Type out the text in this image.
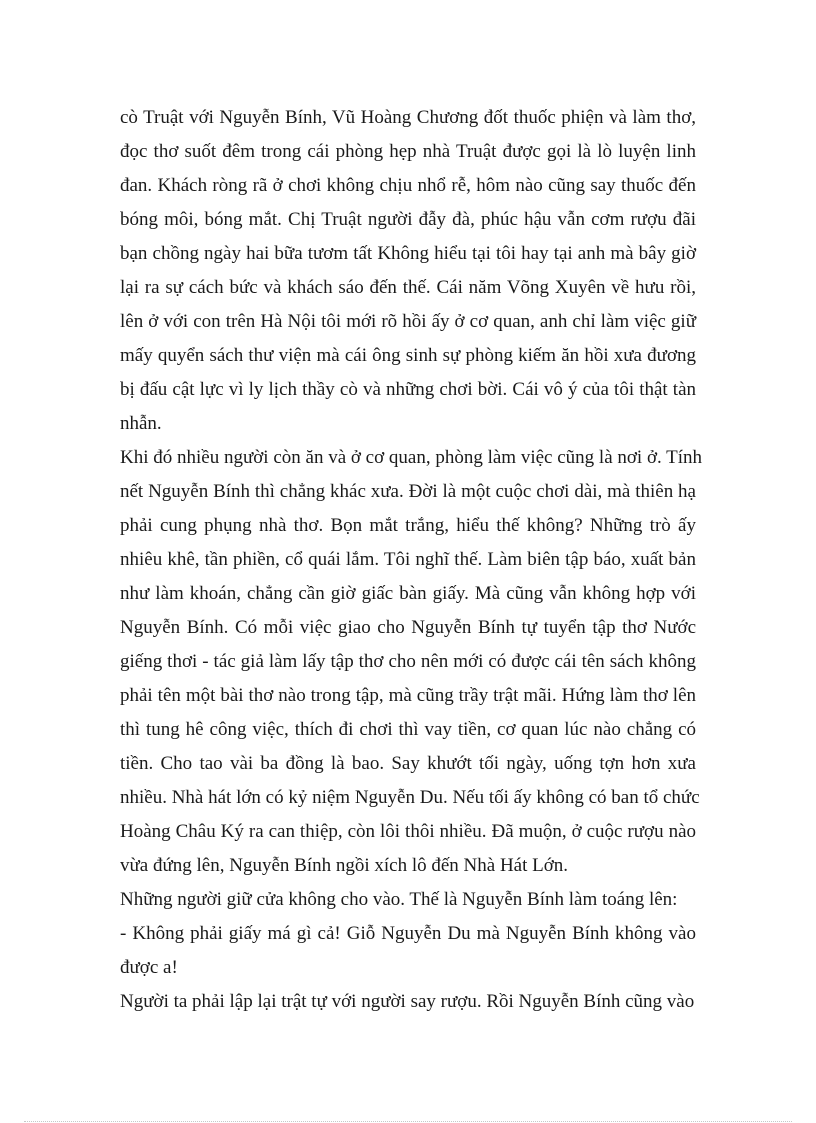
cò Truật với Nguyễn Bính, Vũ Hoàng Chương đốt thuốc phiện và làm thơ,
đọc thơ suốt đêm trong cái phòng hẹp nhà Truật được gọi là lò luyện linh
đan. Khách ròng rã ở chơi không chịu nhổ rễ, hôm nào cũng say thuốc đến
bóng môi, bóng mắt. Chị Truật người đẫy đà, phúc hậu vẫn cơm rượu đãi
bạn chồng ngày hai bữa tươm tất Không hiểu tại tôi hay tại anh mà bây giờ
lại ra sự cách bức và khách sáo đến thế. Cái năm Võng Xuyên về hưu rồi,
lên ở với con trên Hà Nội tôi mới rõ hồi ấy ở cơ quan, anh chỉ làm việc giữ
mấy quyển sách thư viện mà cái ông sinh sự phòng kiếm ăn hồi xưa đương
bị đấu cật lực vì ly lịch thầy cò và những chơi bời. Cái vô ý của tôi thật tàn
nhẫn.
Khi đó nhiều người còn ăn và ở cơ quan, phòng làm việc cũng là nơi ở. Tính
nết Nguyễn Bính thì chẳng khác xưa. Đời là một cuộc chơi dài, mà thiên hạ
phải cung phụng nhà thơ. Bọn mắt trắng, hiểu thế không? Những trò ấy
nhiêu khê, tần phiền, cổ quái lắm. Tôi nghĩ thế. Làm biên tập báo, xuất bản
như làm khoán, chẳng cần giờ giấc bàn giấy. Mà cũng vẫn không hợp với
Nguyễn Bính. Có mỗi việc giao cho Nguyễn Bính tự tuyển tập thơ Nước
giếng thơi - tác giả làm lấy tập thơ cho nên mới có được cái tên sách không
phải tên một bài thơ nào trong tập, mà cũng trầy trật mãi. Hứng làm thơ lên
thì tung hê công việc, thích đi chơi thì vay tiền, cơ quan lúc nào chẳng có
tiền. Cho tao vài ba đồng là bao. Say khướt tối ngày, uống tợn hơn xưa
nhiều. Nhà hát lớn có kỷ niệm Nguyễn Du. Nếu tối ấy không có ban tổ chức
Hoàng Châu Ký ra can thiệp, còn lôi thôi nhiều. Đã muộn, ở cuộc rượu nào
vừa đứng lên, Nguyễn Bính ngồi xích lô đến Nhà Hát Lớn.
Những người giữ cửa không cho vào. Thế là Nguyễn Bính làm toáng lên:
- Không phải giấy má gì cả! Giỗ Nguyễn Du mà Nguyễn Bính không vào
được a!
Người ta phải lập lại trật tự với người say rượu. Rồi Nguyễn Bính cũng vào
